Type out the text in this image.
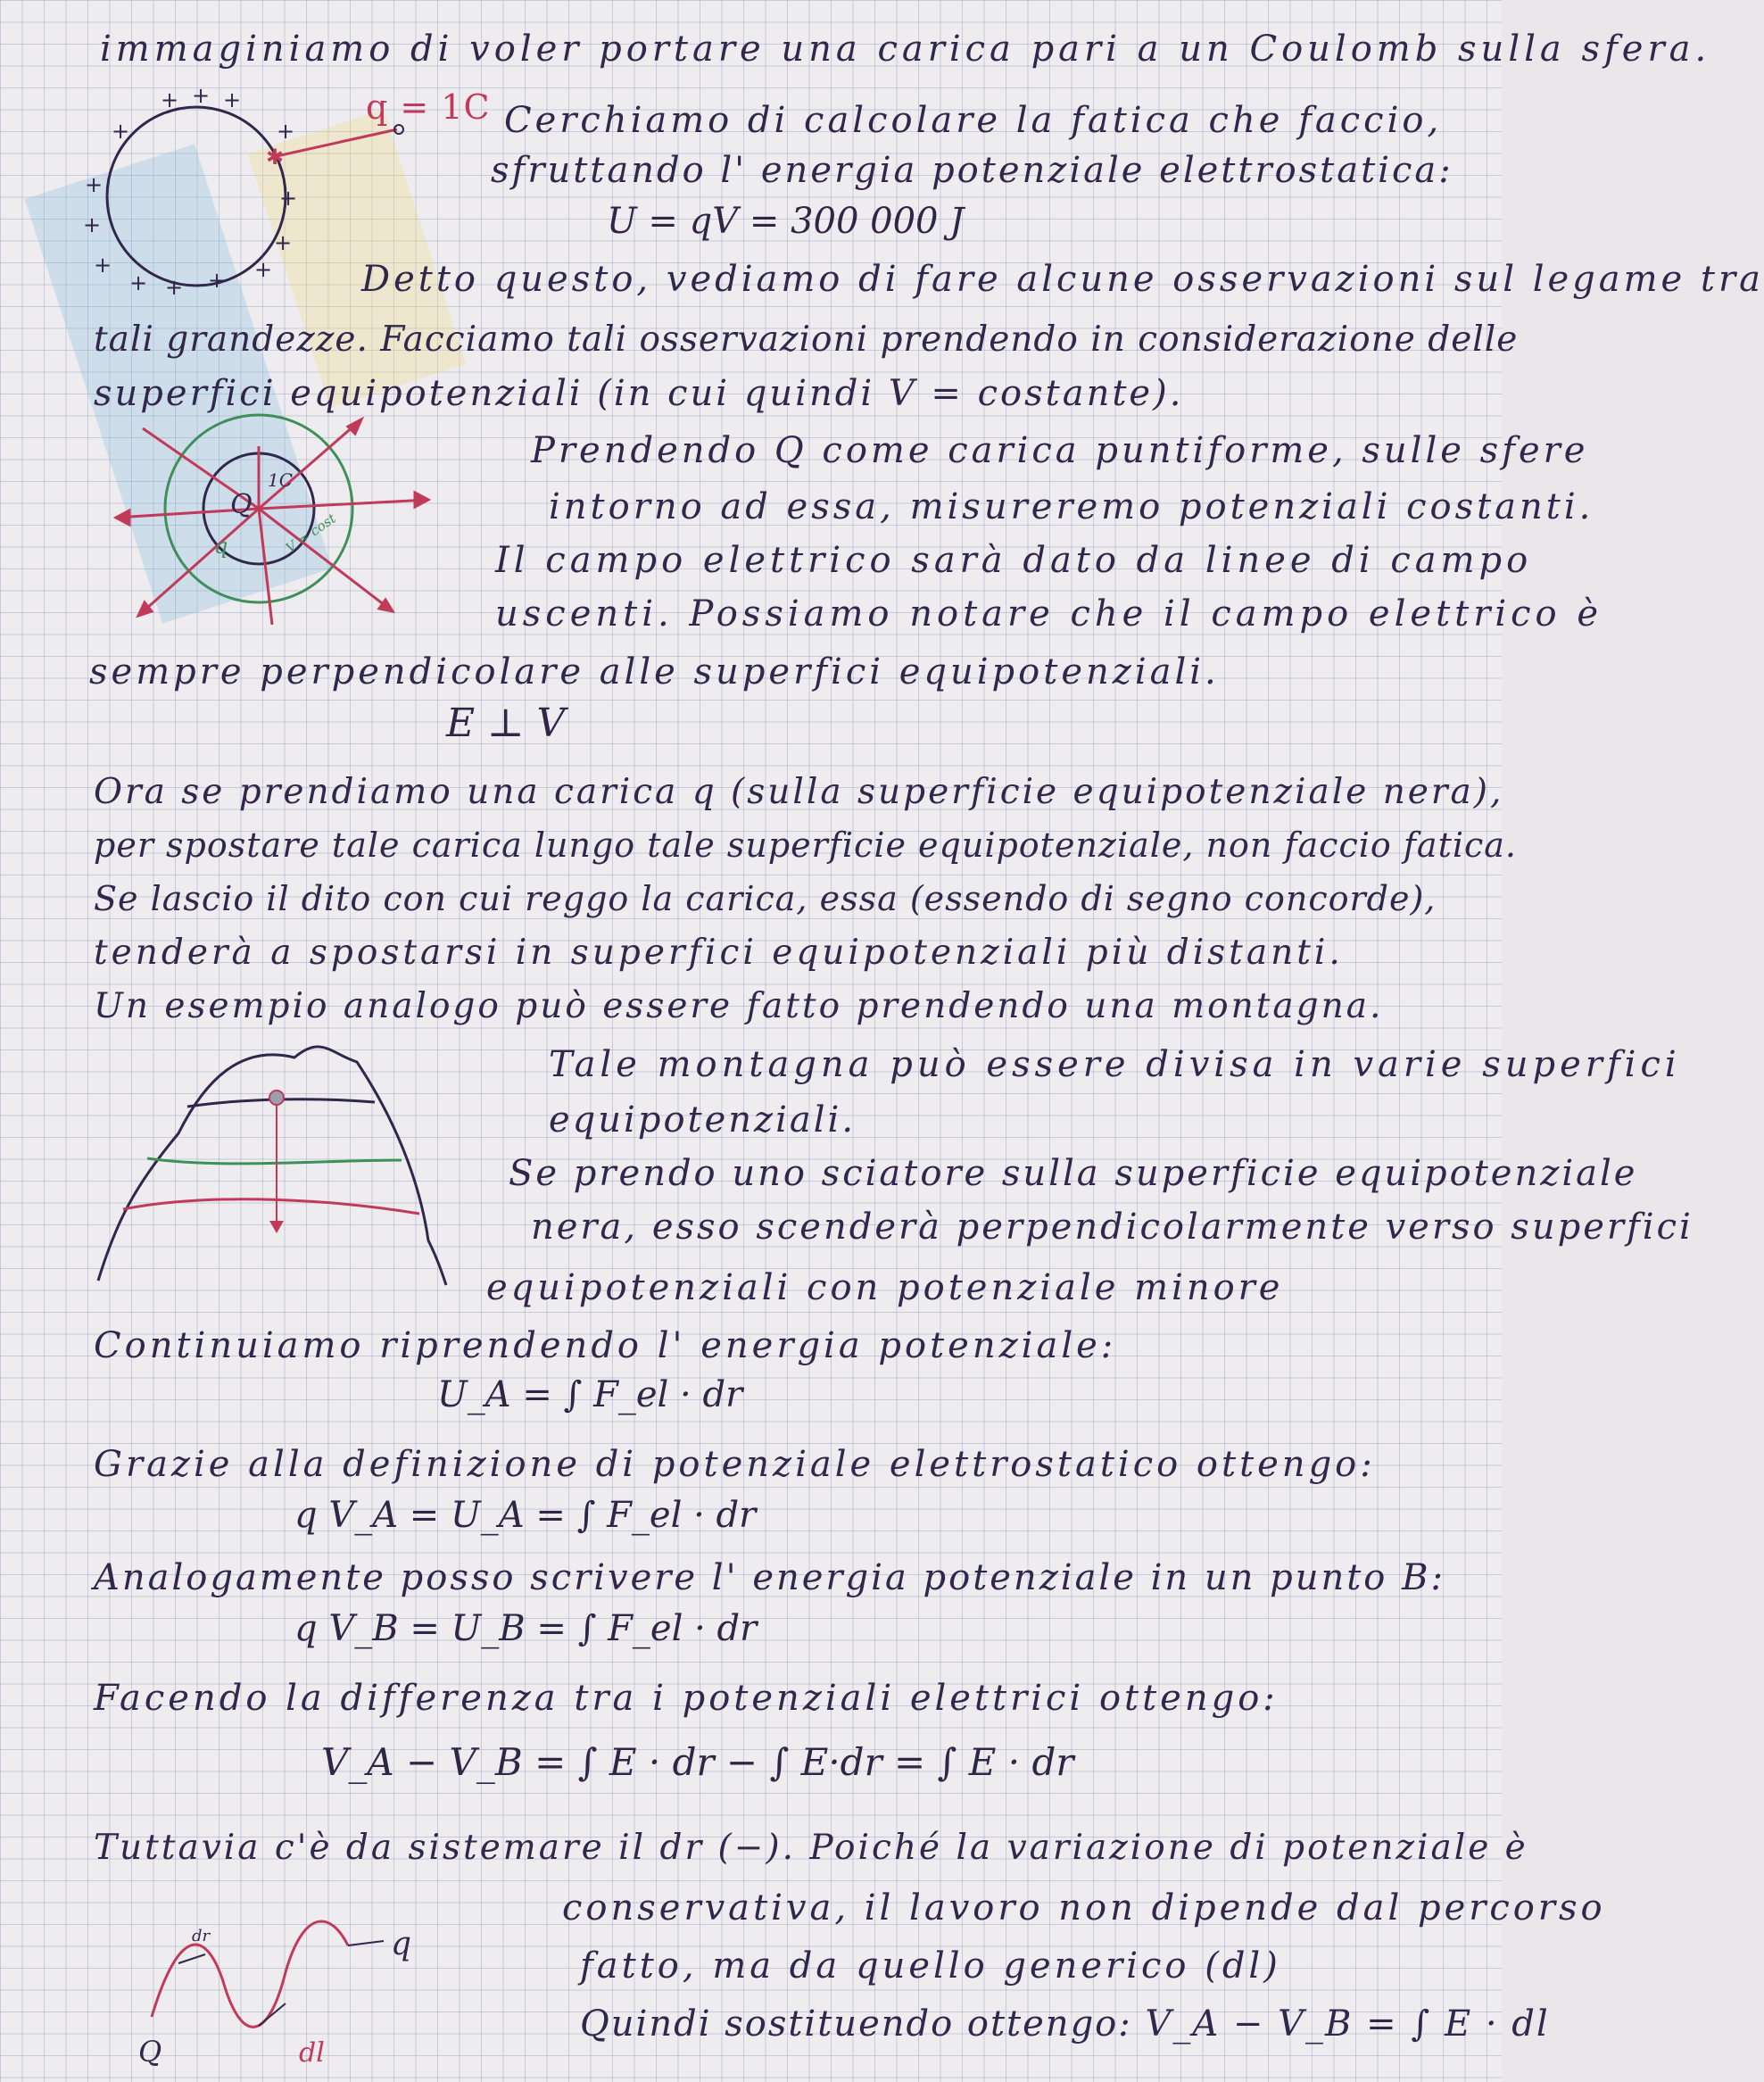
immaginiamo di voler portare una carica pari a un Coulomb sulla sfera.
+ + +
+	+
+
+
+
+
+	+
+ + +
✱
q = 1C Cerchiamo di calcolare la fatica che faccio,
sfruttando l' energia potenziale elettrostatica:
U = qV = 300 000 J
Detto questo, vediamo di fare alcune osservazioni sul legame tra
tali grandezze. Facciamo tali osservazioni prendendo in considerazione delle
superfici equipotenziali (in cui quindi V = costante).
Q
1C
q	V = cost
Prendendo Q come carica puntiforme, sulle sfere
intorno ad essa, misureremo potenziali costanti.
Il campo elettrico sarà dato da linee di campo
uscenti. Possiamo notare che il campo elettrico è
sempre perpendicolare alle superfici equipotenziali.
E ⊥ V
Ora se prendiamo una carica q (sulla superficie equipotenziale nera),
per spostare tale carica lungo tale superficie equipotenziale, non faccio fatica.
Se lascio il dito con cui reggo la carica, essa (essendo di segno concorde),
tenderà a spostarsi in superfici equipotenziali più distanti.
Un esempio analogo può essere fatto prendendo una montagna.
Tale montagna può essere divisa in varie superfici
equipotenziali.
Se prendo uno sciatore sulla superficie equipotenziale
nera, esso scenderà perpendicolarmente verso superfici
equipotenziali con potenziale minore
Continuiamo riprendendo l' energia potenziale:
U_A = ∫ F_el · dr
Grazie alla definizione di potenziale elettrostatico ottengo:
q V_A = U_A = ∫ F_el · dr
Analogamente posso scrivere l' energia potenziale in un punto B:
q V_B = U_B = ∫ F_el · dr
Facendo la differenza tra i potenziali elettrici ottengo:
V_A − V_B = ∫ E · dr − ∫ E·dr = ∫ E · dr
Tuttavia c'è da sistemare il dr (−). Poiché la variazione di potenziale è
dr
dl
q
Q
conservativa, il lavoro non dipende dal percorso
fatto, ma da quello generico (dl)
Quindi sostituendo ottengo: V_A − V_B = ∫ E · dl
